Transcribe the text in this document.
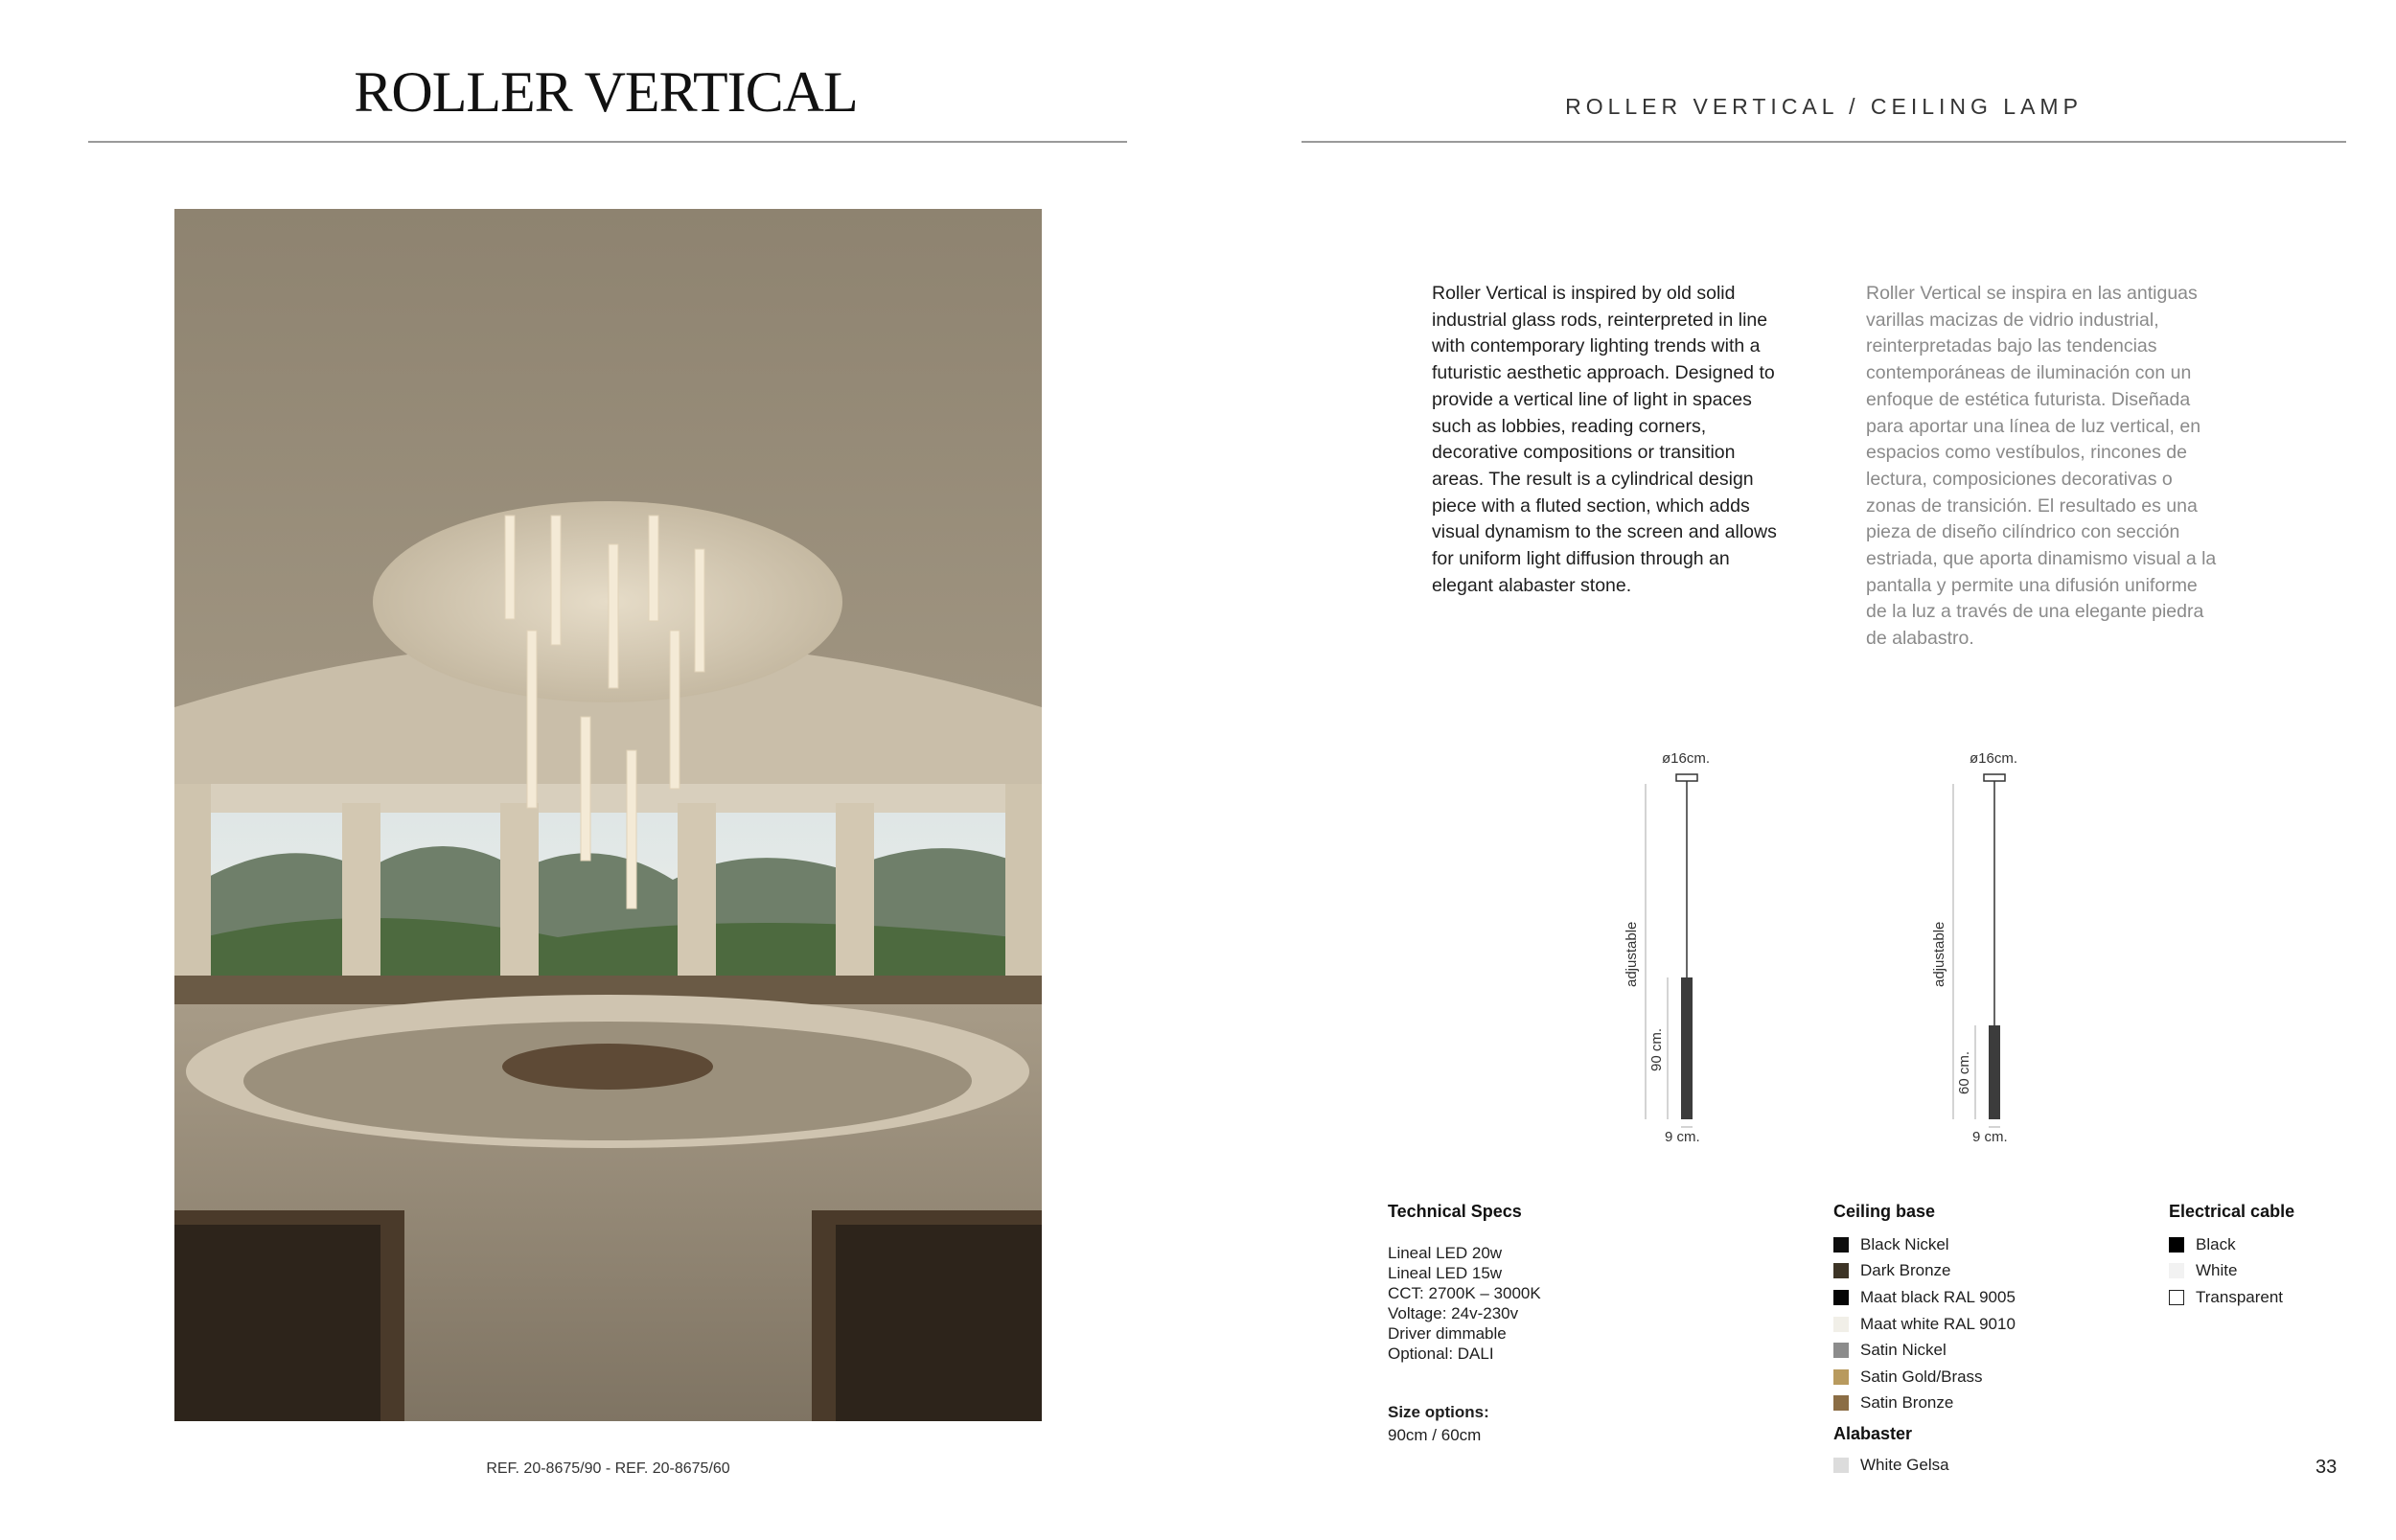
ROLLER VERTICAL
REF. 20-8675/90 - REF. 20-8675/60
ROLLER VERTICAL / CEILING LAMP
Roller Vertical is inspired by old solid industrial glass rods, reinterpreted in line with contemporary lighting trends with a futuristic aesthetic approach. Designed to provide a vertical line of light in spaces such as lobbies, reading corners, decorative compositions or transition areas. The result is a cylindrical design piece with a fluted section, which adds visual dynamism to the screen and allows for uniform light diffusion through an elegant alabaster stone.
Roller Vertical se inspira en las antiguas varillas macizas de vidrio industrial, reinterpretadas bajo las tendencias contemporáneas de iluminación con un enfoque de estética futurista. Diseñada para aportar una línea de luz vertical, en espacios como vestíbulos, rincones de lectura, composiciones decorativas o zonas de transición. El resultado es una pieza de diseño cilíndrico con sección estriada, que aporta dinamismo visual a la pantalla y permite una difusión uniforme de la luz a través de una elegante piedra de alabastro.
ø16cm.
adjustable
90 cm.
9 cm.
ø16cm.
adjustable
60 cm.
9 cm.
Technical Specs
Lineal LED 20w
Lineal LED 15w
CCT: 2700K – 3000K
Voltage: 24v-230v
Driver dimmable
Optional: DALI
Size options:
90cm / 60cm
Ceiling base
Black Nickel
Dark Bronze
Maat black RAL 9005
Maat white RAL 9010
Satin Nickel
Satin Gold/Brass
Satin Bronze
Alabaster
White Gelsa
Electrical cable
Black
White
Transparent
33
